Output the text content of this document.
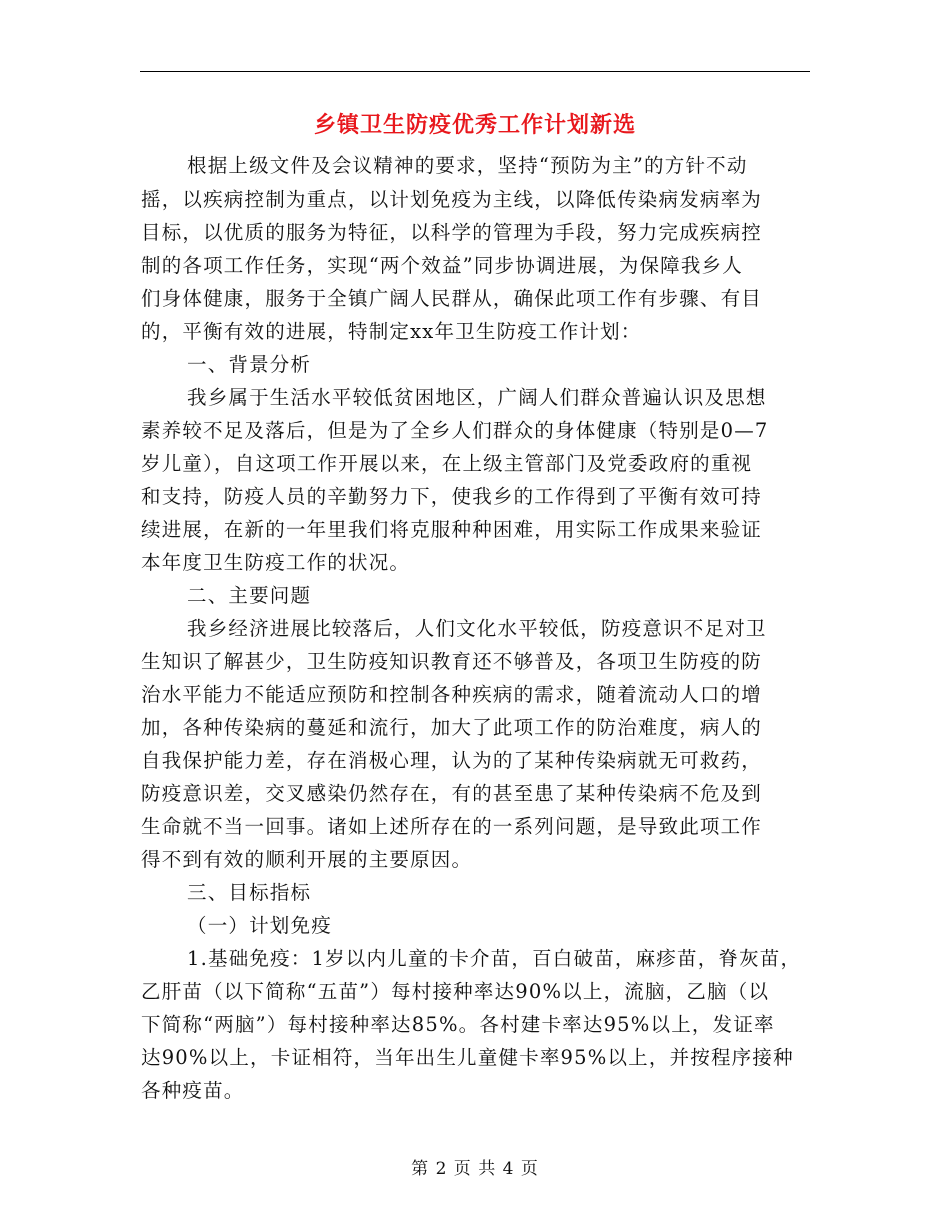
乡镇卫生防疫优秀工作计划新选
根据上级文件及会议精神的要求，坚持“预防为主”的方针不动
摇，以疾病控制为重点，以计划免疫为主线，以降低传染病发病率为
目标，以优质的服务为特征，以科学的管理为手段，努力完成疾病控
制的各项工作任务，实现“两个效益”同步协调进展，为保障我乡人
们身体健康，服务于全镇广阔人民群从，确保此项工作有步骤、有目
的，平衡有效的进展，特制定xx年卫生防疫工作计划：
一、背景分析
我乡属于生活水平较低贫困地区，广阔人们群众普遍认识及思想
素养较不足及落后，但是为了全乡人们群众的身体健康（特别是0—7
岁儿童），自这项工作开展以来，在上级主管部门及党委政府的重视
和支持，防疫人员的辛勤努力下，使我乡的工作得到了平衡有效可持
续进展，在新的一年里我们将克服种种困难，用实际工作成果来验证
本年度卫生防疫工作的状况。
二、主要问题
我乡经济进展比较落后，人们文化水平较低，防疫意识不足对卫
生知识了解甚少，卫生防疫知识教育还不够普及，各项卫生防疫的防
治水平能力不能适应预防和控制各种疾病的需求，随着流动人口的增
加，各种传染病的蔓延和流行，加大了此项工作的防治难度，病人的
自我保护能力差，存在消极心理，认为的了某种传染病就无可救药，
防疫意识差，交叉感染仍然存在，有的甚至患了某种传染病不危及到
生命就不当一回事。诸如上述所存在的一系列问题，是导致此项工作
得不到有效的顺利开展的主要原因。
三、目标指标
（一）计划免疫
1.基础免疫：1岁以内儿童的卡介苗，百白破苗，麻疹苗，脊灰苗，
乙肝苗（以下简称“五苗”）每村接种率达90%以上，流脑，乙脑（以
下简称“两脑”）每村接种率达85%。各村建卡率达95%以上，发证率
达90%以上，卡证相符，当年出生儿童健卡率95%以上，并按程序接种
各种疫苗。
第 2 页 共 4 页
